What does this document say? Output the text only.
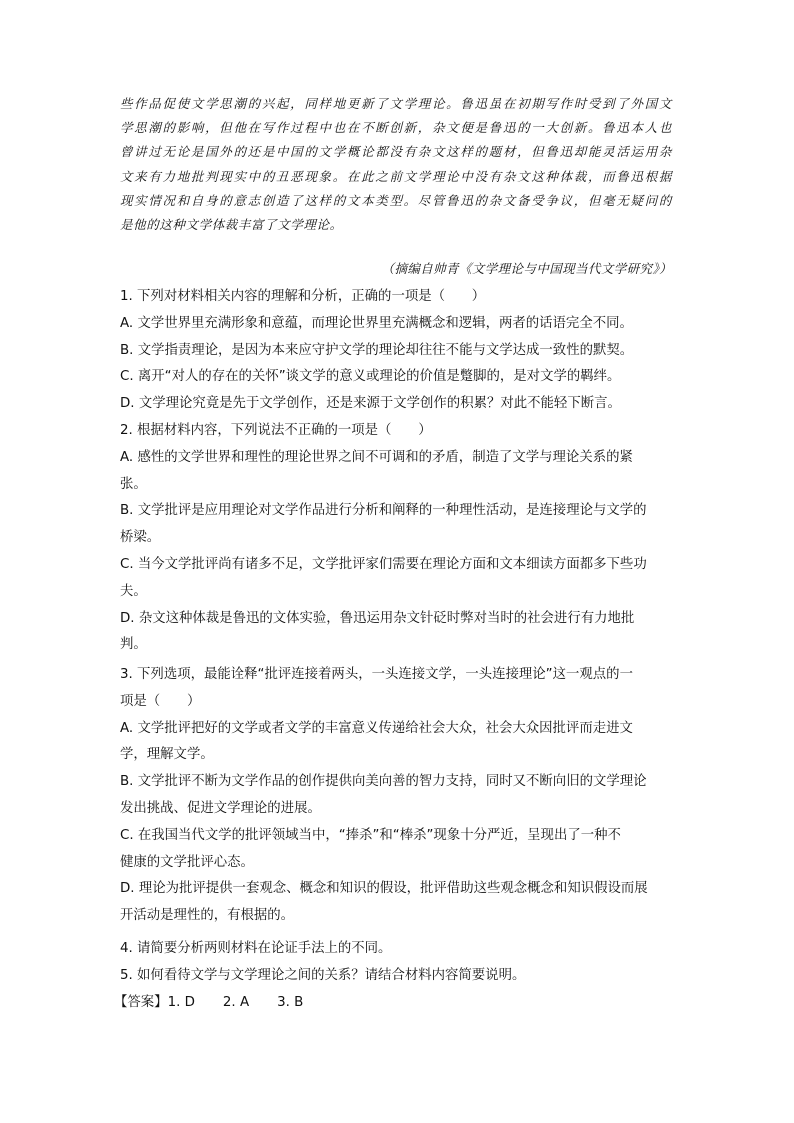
些作品促使文学思潮的兴起，同样地更新了文学理论。鲁迅虽在初期写作时受到了外国文

学思潮的影响，但他在写作过程中也在不断创新，杂文便是鲁迅的一大创新。鲁迅本人也

曾讲过无论是国外的还是中国的文学概论都没有杂文这样的题材，但鲁迅却能灵活运用杂

文来有力地批判现实中的丑恶现象。在此之前文学理论中没有杂文这种体裁，而鲁迅根据

现实情况和自身的意志创造了这样的文本类型。尽管鲁迅的杂文备受争议，但毫无疑问的

是他的这种文学体裁丰富了文学理论。

（摘编自帅青《文学理论与中国现当代文学研究》）

1. 下列对材料相关内容的理解和分析，正确的一项是（　　）

A. 文学世界里充满形象和意蕴，而理论世界里充满概念和逻辑，两者的话语完全不同。

B. 文学指责理论，是因为本来应守护文学的理论却往往不能与文学达成一致性的默契。

C. 离开“对人的存在的关怀”谈文学的意义或理论的价值是蹩脚的，是对文学的羁绊。

D. 文学理论究竟是先于文学创作，还是来源于文学创作的积累？对此不能轻下断言。

2. 根据材料内容，下列说法不正确的一项是（　　）

A. 感性的文学世界和理性的理论世界之间不可调和的矛盾，制造了文学与理论关系的紧

张。

B. 文学批评是应用理论对文学作品进行分析和阐释的一种理性活动，是连接理论与文学的

桥梁。

C. 当今文学批评尚有诸多不足，文学批评家们需要在理论方面和文本细读方面都多下些功

夫。

D. 杂文这种体裁是鲁迅的文体实验，鲁迅运用杂文针砭时弊对当时的社会进行有力地批

判。

3. 下列选项，最能诠释“批评连接着两头，一头连接文学，一头连接理论”这一观点的一

项是（　　）

A. 文学批评把好的文学或者文学的丰富意义传递给社会大众，社会大众因批评而走进文

学，理解文学。

B. 文学批评不断为文学作品的创作提供向美向善的智力支持，同时又不断向旧的文学理论

发出挑战、促进文学理论的进展。

C. 在我国当代文学的批评领域当中，“捧杀”和“棒杀”现象十分严近，呈现出了一种不

健康的文学批评心态。

D. 理论为批评提供一套观念、概念和知识的假设，批评借助这些观念概念和知识假设而展

开活动是理性的，有根据的。

4. 请简要分析两则材料在论证手法上的不同。

5. 如何看待文学与文学理论之间的关系？请结合材料内容简要说明。

【答案】1. D 2. A 3. B
